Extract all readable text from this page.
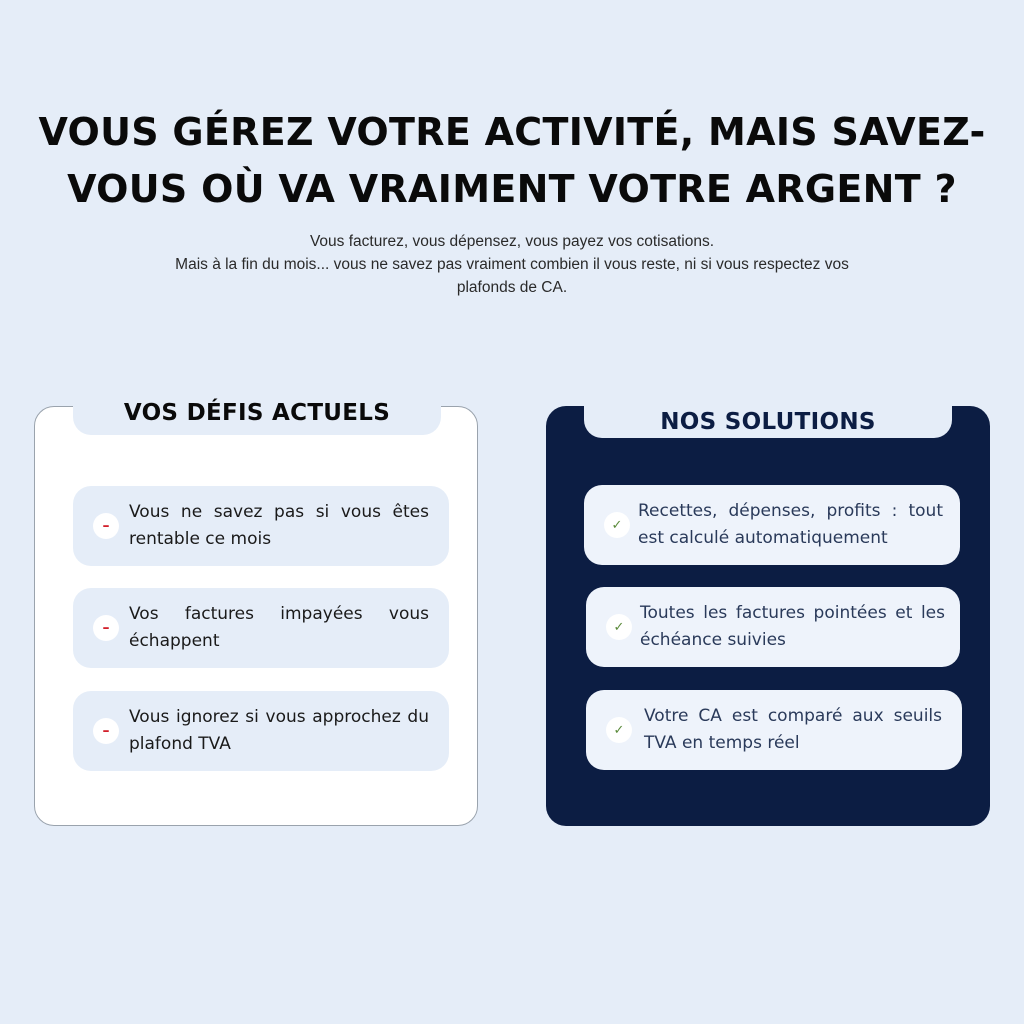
VOUS GÉREZ VOTRE ACTIVITÉ, MAIS SAVEZ-
VOUS OÙ VA VRAIMENT VOTRE ARGENT ?

Vous facturez, vous dépensez, vous payez vos cotisations.
Mais à la fin du mois... vous ne savez pas vraiment combien il vous reste, ni si vous respectez vos
plafonds de CA.

VOS DÉFIS ACTUELS
–
Vous ne savez pas si vous êtes rentable ce mois
–
Vos factures impayées vous échappent
–
Vous ignorez si vous approchez du plafond TVA
NOS SOLUTIONS
✓
Recettes, dépenses, profits : tout est calculé automatiquement
✓
Toutes les factures pointées et les échéance suivies
✓
Votre CA est comparé aux seuils TVA en temps réel
